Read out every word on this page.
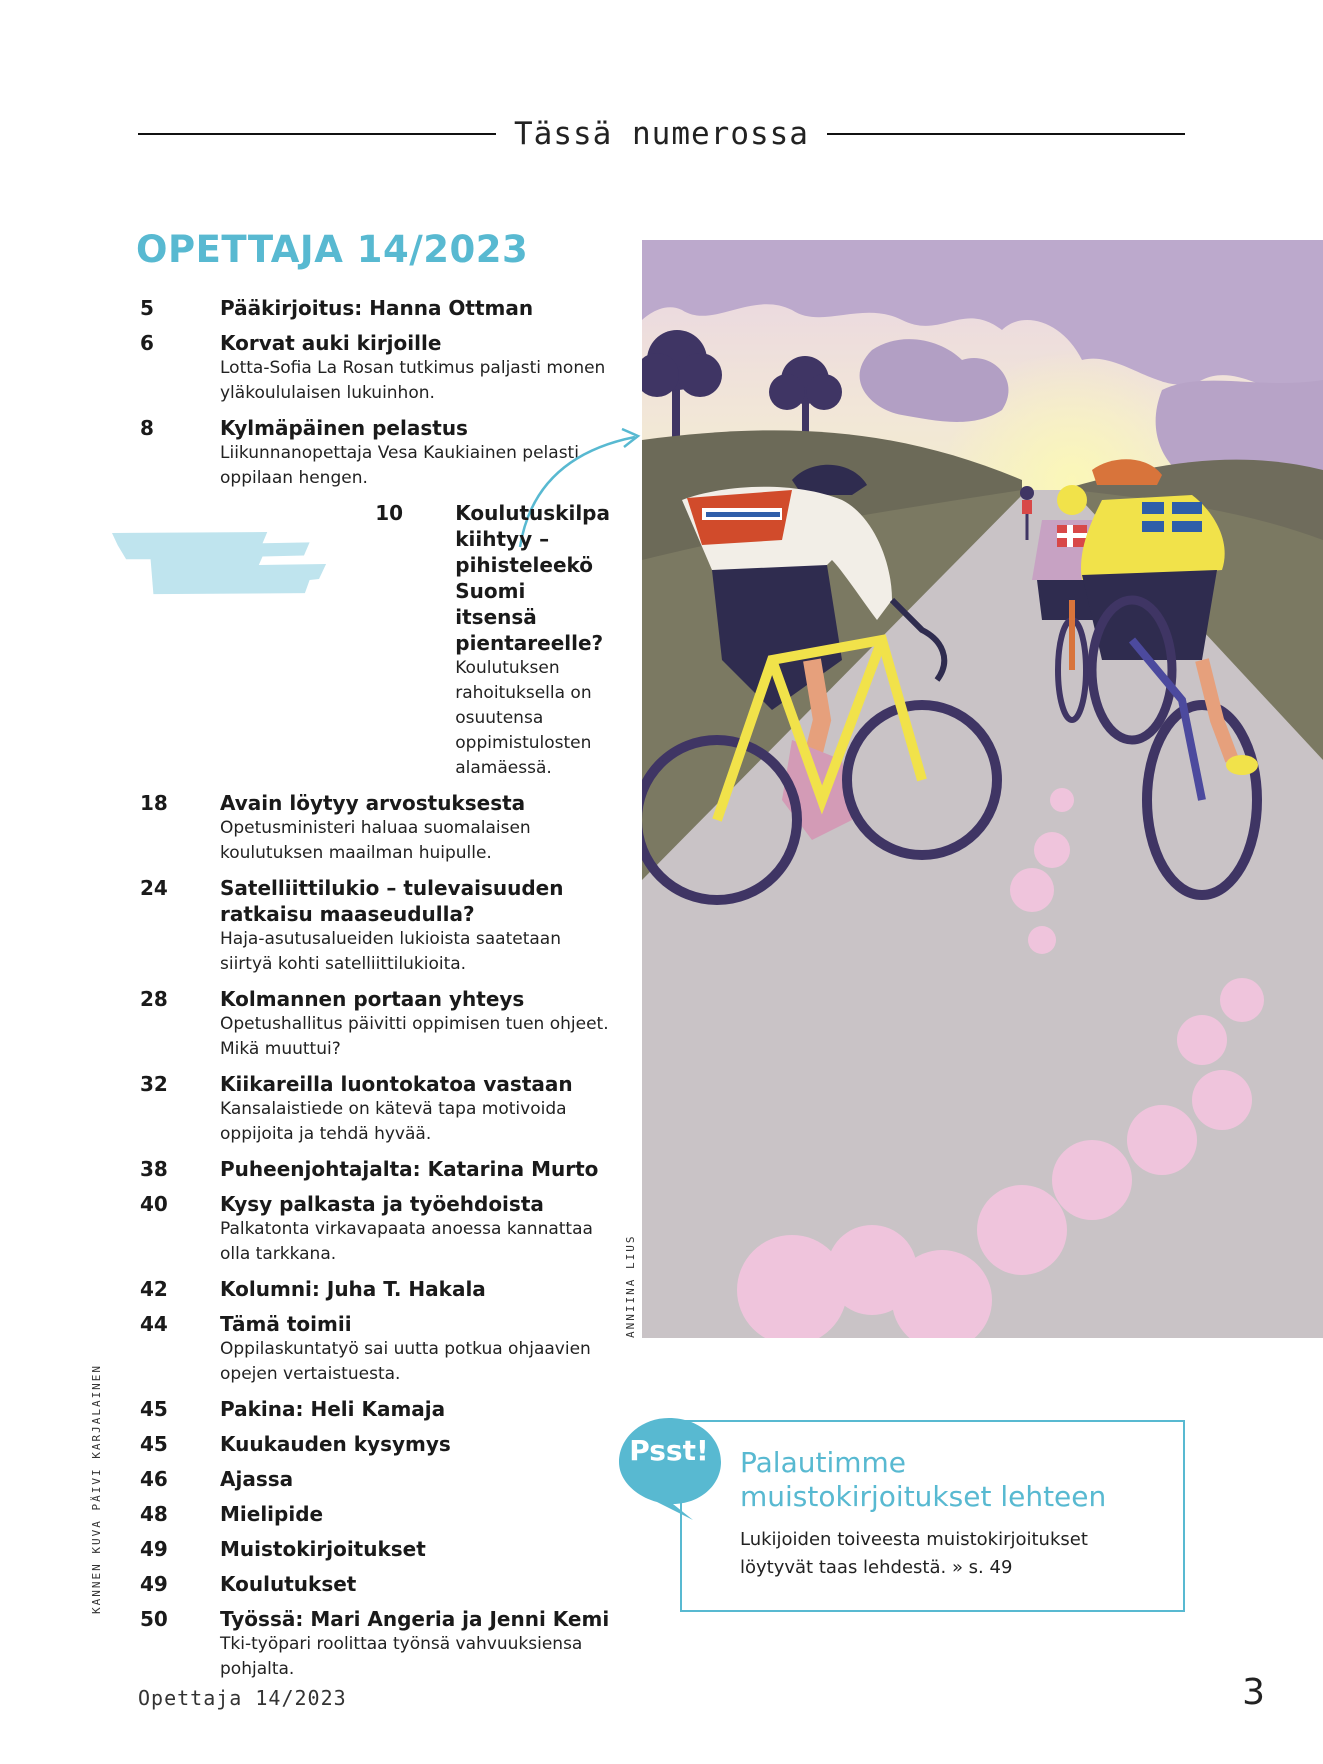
Tässä numerossa
OPETTAJA 14/2023
5	Pääkirjoitus: Hanna Ottman
6	Korvat auki kirjoille
Lotta-Sofia La Rosan tutkimus paljasti monen yläkoululaisen lukuinhon.
8	Kylmäpäinen pelastus
Liikunnanopettaja Vesa Kaukiainen pelasti oppilaan hengen.
10	Koulutuskilpa kiihtyy – pihisteleekö Suomi itsensä pientareelle?
Koulutuksen rahoituksella on osuutensa oppimistulosten alamäessä.
18	Avain löytyy arvostuksesta
Opetusministeri haluaa suomalaisen koulutuksen maailman huipulle.
24	Satelliittilukio – tulevaisuuden ratkaisu maaseudulla?
Haja-asutusalueiden lukioista saatetaan siirtyä kohti satelliittilukioita.
28	Kolmannen portaan yhteys
Opetushallitus päivitti oppimisen tuen ohjeet. Mikä muuttui?
32	Kiikareilla luontokatoa vastaan
Kansalaistiede on kätevä tapa motivoida oppijoita ja tehdä hyvää.
38	Puheenjohtajalta: Katarina Murto
40	Kysy palkasta ja työehdoista
Palkatonta virkavapaata anoessa kannattaa olla tarkkana.
42	Kolumni: Juha T. Hakala
44	Tämä toimii
Oppilaskuntatyö sai uutta potkua ohjaavien opejen vertaistuesta.
45	Pakina: Heli Kamaja
45	Kuukauden kysymys
46	Ajassa
48	Mielipide
49	Muistokirjoitukset
49	Koulutukset
50	Työssä: Mari Angeria ja Jenni Kemi
Tki-työpari roolittaa työnsä vahvuuksiensa pohjalta.
ANNIINA LIUS
KANNEN KUVA PÄIVI KARJALAINEN	Palautimme muistokirjoitukset lehteen
Lukijoiden toiveesta muistokirjoitukset löytyvät taas lehdestä. » s. 49
Psst!
Opettaja 14/2023	3
